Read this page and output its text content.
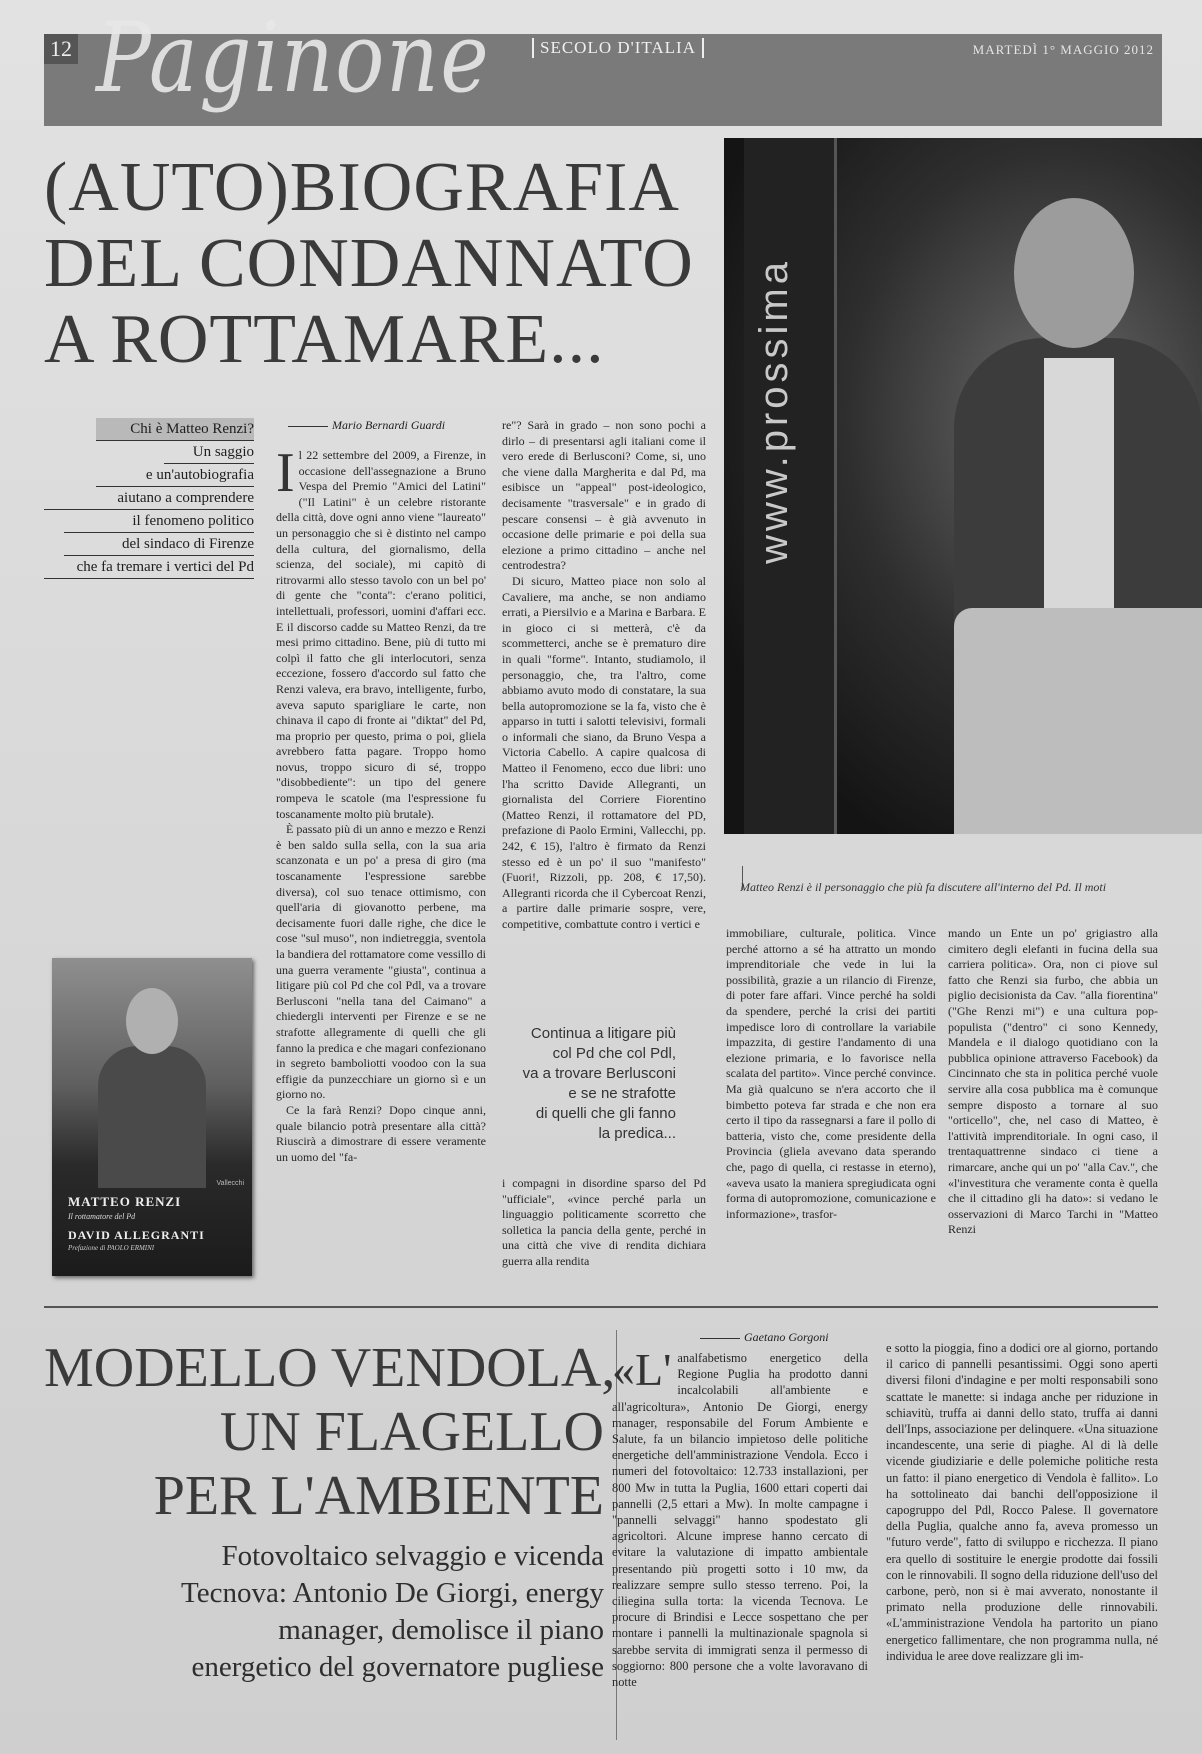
12 Paginone	SECOLO D'ITALIA	MARTEDÌ 1° MAGGIO 2012
(AUTO)BIOGRAFIA
DEL CONDANNATO
A ROTTAMARE...	www.prossima
Matteo Renzi è il personaggio che più fa discutere all'interno del Pd. Il moti
Chi è Matteo Renzi?
Un saggio
e un'autobiografia
aiutano a comprendere
il fenomeno politico
del sindaco di Firenze
che fa tremare i vertici del Pd
Mario Bernardi Guardi
I l 22 settembre del 2009, a Firenze, in occasione dell'assegnazione a Bruno Vespa del Premio "Amici del Latini" ("Il Latini" è un celebre ristorante della città, dove ogni anno viene "laureato" un personaggio che si è distinto nel campo della cultura, del giornalismo, della scienza, del sociale), mi capitò di ritrovarmi allo stesso tavolo con un bel po' di gente che "conta": c'erano politici, intellettuali, professori, uomini d'affari ecc. E il discorso cadde su Matteo Renzi, da tre mesi primo cittadino. Bene, più di tutto mi colpì il fatto che gli interlocutori, senza eccezione, fossero d'accordo sul fatto che Renzi valeva, era bravo, intelligente, furbo, aveva saputo sparigliare le carte, non chinava il capo di fronte ai "diktat" del Pd, ma proprio per questo, prima o poi, gliela avrebbero fatta pagare. Troppo homo novus, troppo sicuro di sé, troppo "disobbediente": un tipo del genere rompeva le scatole (ma l'espressione fu toscanamente molto più brutale).

È passato più di un anno e mezzo e Renzi è ben saldo sulla sella, con la sua aria scanzonata e un po' a presa di giro (ma toscanamente l'espressione sarebbe diversa), col suo tenace ottimismo, con quell'aria di giovanotto perbene, ma decisamente fuori dalle righe, che dice le cose "sul muso", non indietreggia, sventola la bandiera del rottamatore come vessillo di una guerra veramente "giusta", continua a litigare più col Pd che col Pdl, va a trovare Berlusconi "nella tana del Caimano" a chiedergli interventi per Firenze e se ne strafotte allegramente di quelli che gli fanno la predica e che magari confezionano in segreto bamboliotti voodoo con la sua effigie da punzecchiare un giorno sì e un giorno no.

Ce la farà Renzi? Dopo cinque anni, quale bilancio potrà presentare alla città? Riuscirà a dimostrare di essere veramente un uomo del "fa-

re"? Sarà in grado – non sono pochi a dirlo – di presentarsi agli italiani come il vero erede di Berlusconi? Come, si, uno che viene dalla Margherita e dal Pd, ma esibisce un "appeal" post-ideologico, decisamente "trasversale" e in grado di pescare consensi – è già avvenuto in occasione delle primarie e poi della sua elezione a primo cittadino – anche nel centrodestra?

Di sicuro, Matteo piace non solo al Cavaliere, ma anche, se non andiamo errati, a Piersilvio e a Marina e Barbara. E in gioco ci si metterà, c'è da scommetterci, anche se è prematuro dire in quali "forme". Intanto, studiamolo, il personaggio, che, tra l'altro, come abbiamo avuto modo di constatare, la sua bella autopromozione se la fa, visto che è apparso in tutti i salotti televisivi, formali o informali che siano, da Bruno Vespa a Victoria Cabello. A capire qualcosa di Matteo il Fenomeno, ecco due libri: uno l'ha scritto Davide Allegranti, un giornalista del Corriere Fiorentino (Matteo Renzi, il rottamatore del PD, prefazione di Paolo Ermini, Vallecchi, pp. 242, € 15), l'altro è firmato da Renzi stesso ed è un po' il suo "manifesto" (Fuori!, Rizzoli, pp. 208, € 17,50). Allegranti ricorda che il Cybercoat Renzi, a partire dalle primarie sospre, vere, competitive, combattute contro i vertici e

Continua a litigare più
col Pd che col Pdl,
va a trovare Berlusconi
e se ne strafotte
di quelli che gli fanno
la predica...

i compagni in disordine sparso del Pd "ufficiale", «vince perché parla un linguaggio politicamente scorretto che solletica la pancia della gente, perché in una città che vive di rendita dichiara guerra alla rendita

immobiliare, culturale, politica. Vince perché attorno a sé ha attratto un mondo imprenditoriale che vede in lui la possibilità, grazie a un rilancio di Firenze, di poter fare affari. Vince perché ha soldi da spendere, perché la crisi dei partiti impedisce loro di controllare la variabile impazzita, di gestire l'andamento di una elezione primaria, e lo favorisce nella scalata del partito». Vince perché convince. Ma già qualcuno se n'era accorto che il bimbetto poteva far strada e che non era certo il tipo da rassegnarsi a fare il pollo di batteria, visto che, come presidente della Provincia (gliela avevano data sperando che, pago di quella, ci restasse in eterno), «aveva usato la maniera spregiudicata ogni forma di autopromozione, comunicazione e informazione», trasfor-

mando un Ente un po' grigiastro alla cimitero degli elefanti in fucina della sua carriera politica». Ora, non ci piove sul fatto che Renzi sia furbo, che abbia un piglio decisionista da Cav. "alla fiorentina" ("Ghe Renzi mi") e una cultura pop- populista ("dentro" ci sono Kennedy, Mandela e il dialogo quotidiano con la pubblica opinione attraverso Facebook) da Cincinnato che sta in politica perché vuole servire alla cosa pubblica ma è comunque sempre disposto a tornare al suo "orticello", che, nel caso di Matteo, è l'attività imprenditoriale. In ogni caso, il trentaquattrenne sindaco ci tiene a rimarcare, anche qui un po' "alla Cav.", che «l'investitura che veramente conta è quella che il cittadino gli ha dato»: si vedano le osservazioni di Marco Tarchi in "Matteo Renzi

Vallecchi
MATTEO RENZI
Il rottamatore del Pd
DAVID ALLEGRANTI
Prefazione di PAOLO ERMINI
MODELLO VENDOLA,
UN FLAGELLO
PER L'AMBIENTE
Fotovoltaico selvaggio e vicenda
Tecnova: Antonio De Giorgi, energy
manager, demolisce il piano
energetico del governatore pugliese
Gaetano Gorgoni
«L' analfabetismo energetico della Regione Puglia ha prodotto danni incalcolabili all'ambiente e all'agricoltura», Antonio De Giorgi, energy manager, responsabile del Forum Ambiente e Salute, fa un bilancio impietoso delle politiche energetiche dell'amministrazione Vendola. Ecco i numeri del fotovoltaico: 12.733 installazioni, per 800 Mw in tutta la Puglia, 1600 ettari coperti dai pannelli (2,5 ettari a Mw). In molte campagne i "pannelli selvaggi" hanno spodestato gli agricoltori. Alcune imprese hanno cercato di evitare la valutazione di impatto ambientale presentando più progetti sotto i 10 mw, da realizzare sempre sullo stesso terreno. Poi, la ciliegina sulla torta: la vicenda Tecnova. Le procure di Brindisi e Lecce sospettano che per montare i pannelli la multinazionale spagnola si sarebbe servita di immigrati senza il permesso di soggiorno: 800 persone che a volte lavoravano di notte

e sotto la pioggia, fino a dodici ore al giorno, portando il carico di pannelli pesantissimi. Oggi sono aperti diversi filoni d'indagine e per molti responsabili sono scattate le manette: si indaga anche per riduzione in schiavitù, truffa ai danni dello stato, truffa ai danni dell'Inps, associazione per delinquere. «Una situazione incandescente, una serie di piaghe. Al di là delle vicende giudiziarie e delle polemiche politiche resta un fatto: il piano energetico di Vendola è fallito». Lo ha sottolineato dai banchi dell'opposizione il capogruppo del Pdl, Rocco Palese. Il governatore della Puglia, qualche anno fa, aveva promesso un "futuro verde", fatto di sviluppo e ricchezza. Il piano era quello di sostituire le energie prodotte dai fossili con le rinnovabili. Il sogno della riduzione dell'uso del carbone, però, non si è mai avverato, nonostante il primato nella produzione delle rinnovabili. «L'amministrazione Vendola ha partorito un piano energetico fallimentare, che non programma nulla, né individua le aree dove realizzare gli im-
